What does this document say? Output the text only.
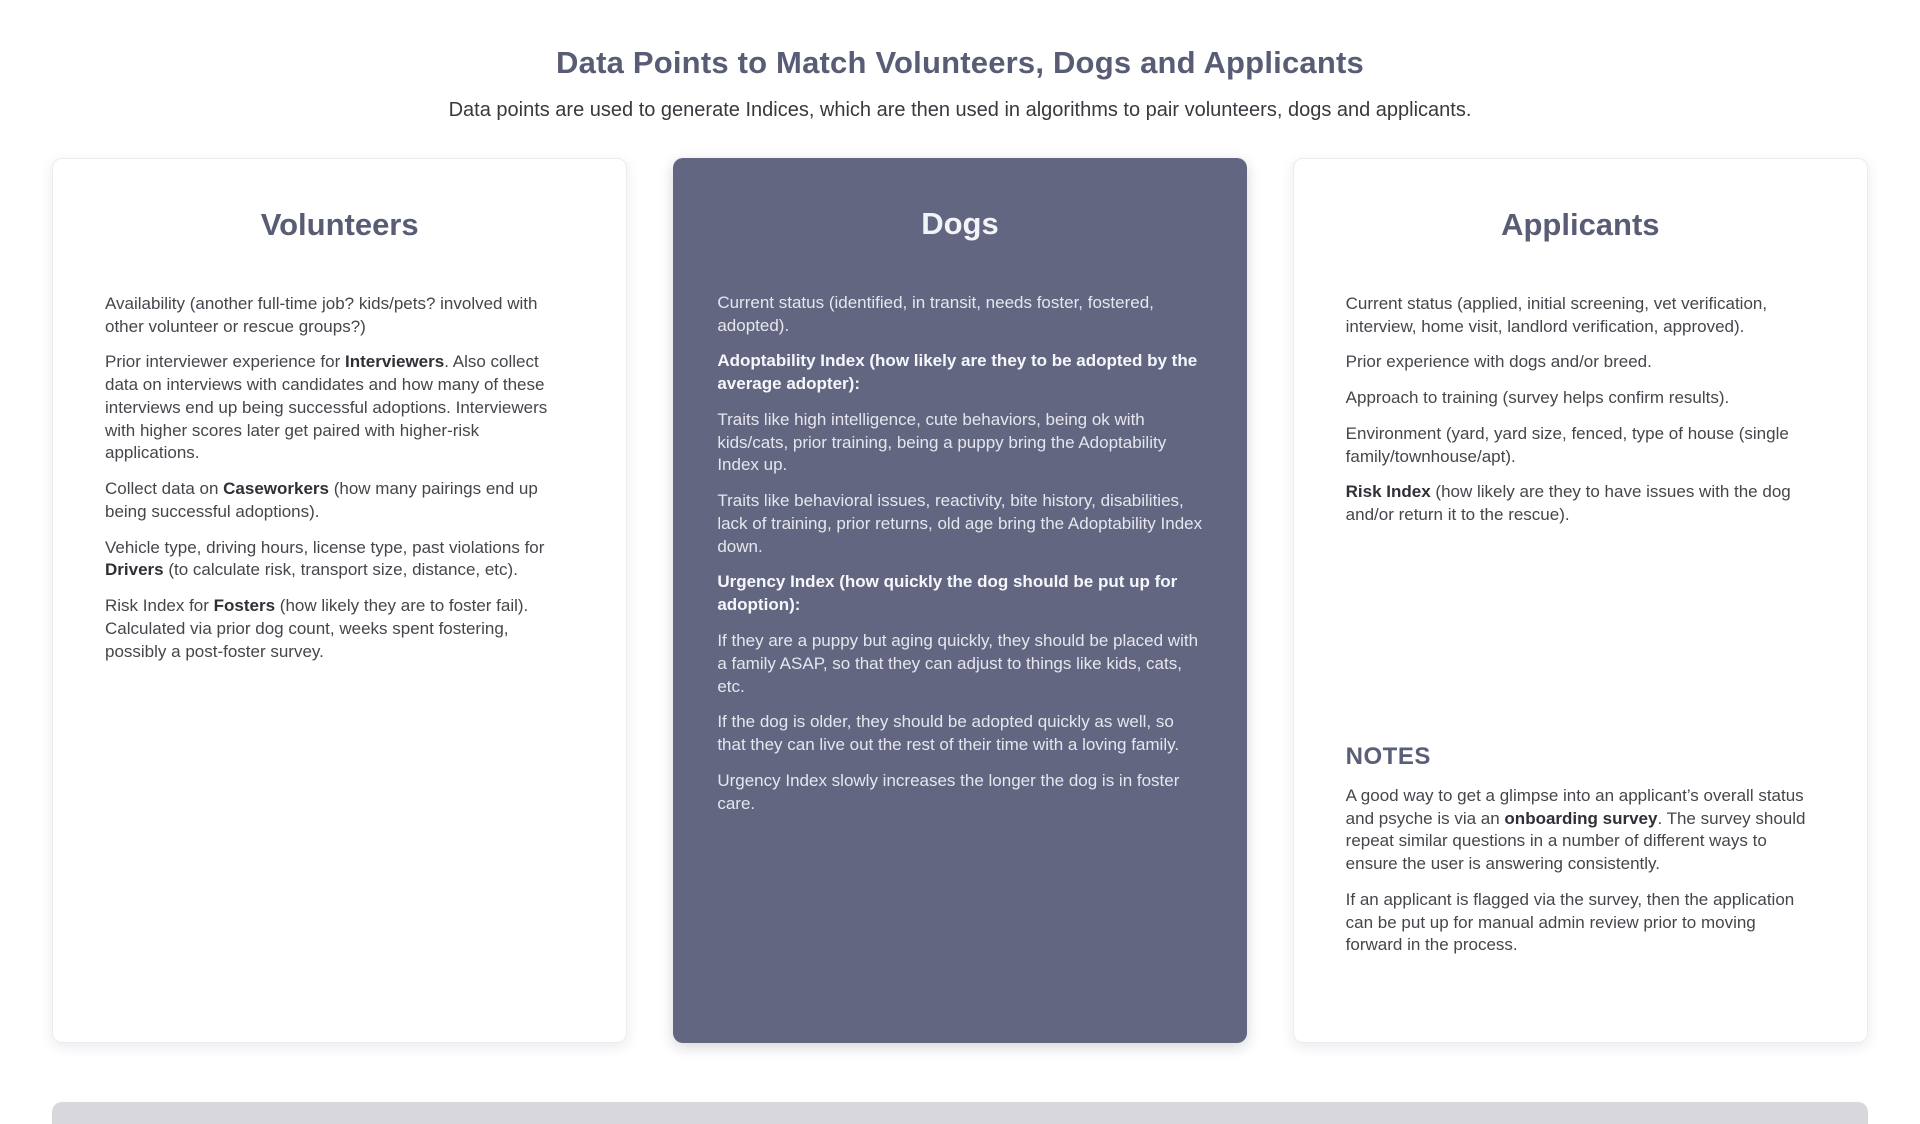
Data Points to Match Volunteers, Dogs and Applicants

Data points are used to generate Indices, which are then used in algorithms to pair volunteers, dogs and applicants.

Volunteers

Availability (another full-time job? kids/pets? involved with other volunteer or rescue groups?)

Prior interviewer experience for Interviewers. Also collect data on interviews with candidates and how many of these interviews end up being successful adoptions. Interviewers with higher scores later get paired with higher-risk applications.

Collect data on Caseworkers (how many pairings end up being successful adoptions).

Vehicle type, driving hours, license type, past violations for Drivers (to calculate risk, transport size, distance, etc).

Risk Index for Fosters (how likely they are to foster fail). Calculated via prior dog count, weeks spent fostering, possibly a post-foster survey.

Dogs

Current status (identified, in transit, needs foster, fostered, adopted).

Adoptability Index (how likely are they to be adopted by the average adopter):

Traits like high intelligence, cute behaviors, being ok with kids/cats, prior training, being a puppy bring the Adoptability Index up.

Traits like behavioral issues, reactivity, bite history, disabilities, lack of training, prior returns, old age bring the Adoptability Index down.

Urgency Index (how quickly the dog should be put up for adoption):

If they are a puppy but aging quickly, they should be placed with a family ASAP, so that they can adjust to things like kids, cats, etc.

If the dog is older, they should be adopted quickly as well, so that they can live out the rest of their time with a loving family.

Urgency Index slowly increases the longer the dog is in foster care.

Applicants

Current status (applied, initial screening, vet verification, interview, home visit, landlord verification, approved).

Prior experience with dogs and/or breed.

Approach to training (survey helps confirm results).

Environment (yard, yard size, fenced, type of house (single family/townhouse/apt).

Risk Index (how likely are they to have issues with the dog and/or return it to the rescue).

NOTES

A good way to get a glimpse into an applicant’s overall status and psyche is via an onboarding survey. The survey should repeat similar questions in a number of different ways to ensure the user is answering consistently.

If an applicant is flagged via the survey, then the application can be put up for manual admin review prior to moving forward in the process.
